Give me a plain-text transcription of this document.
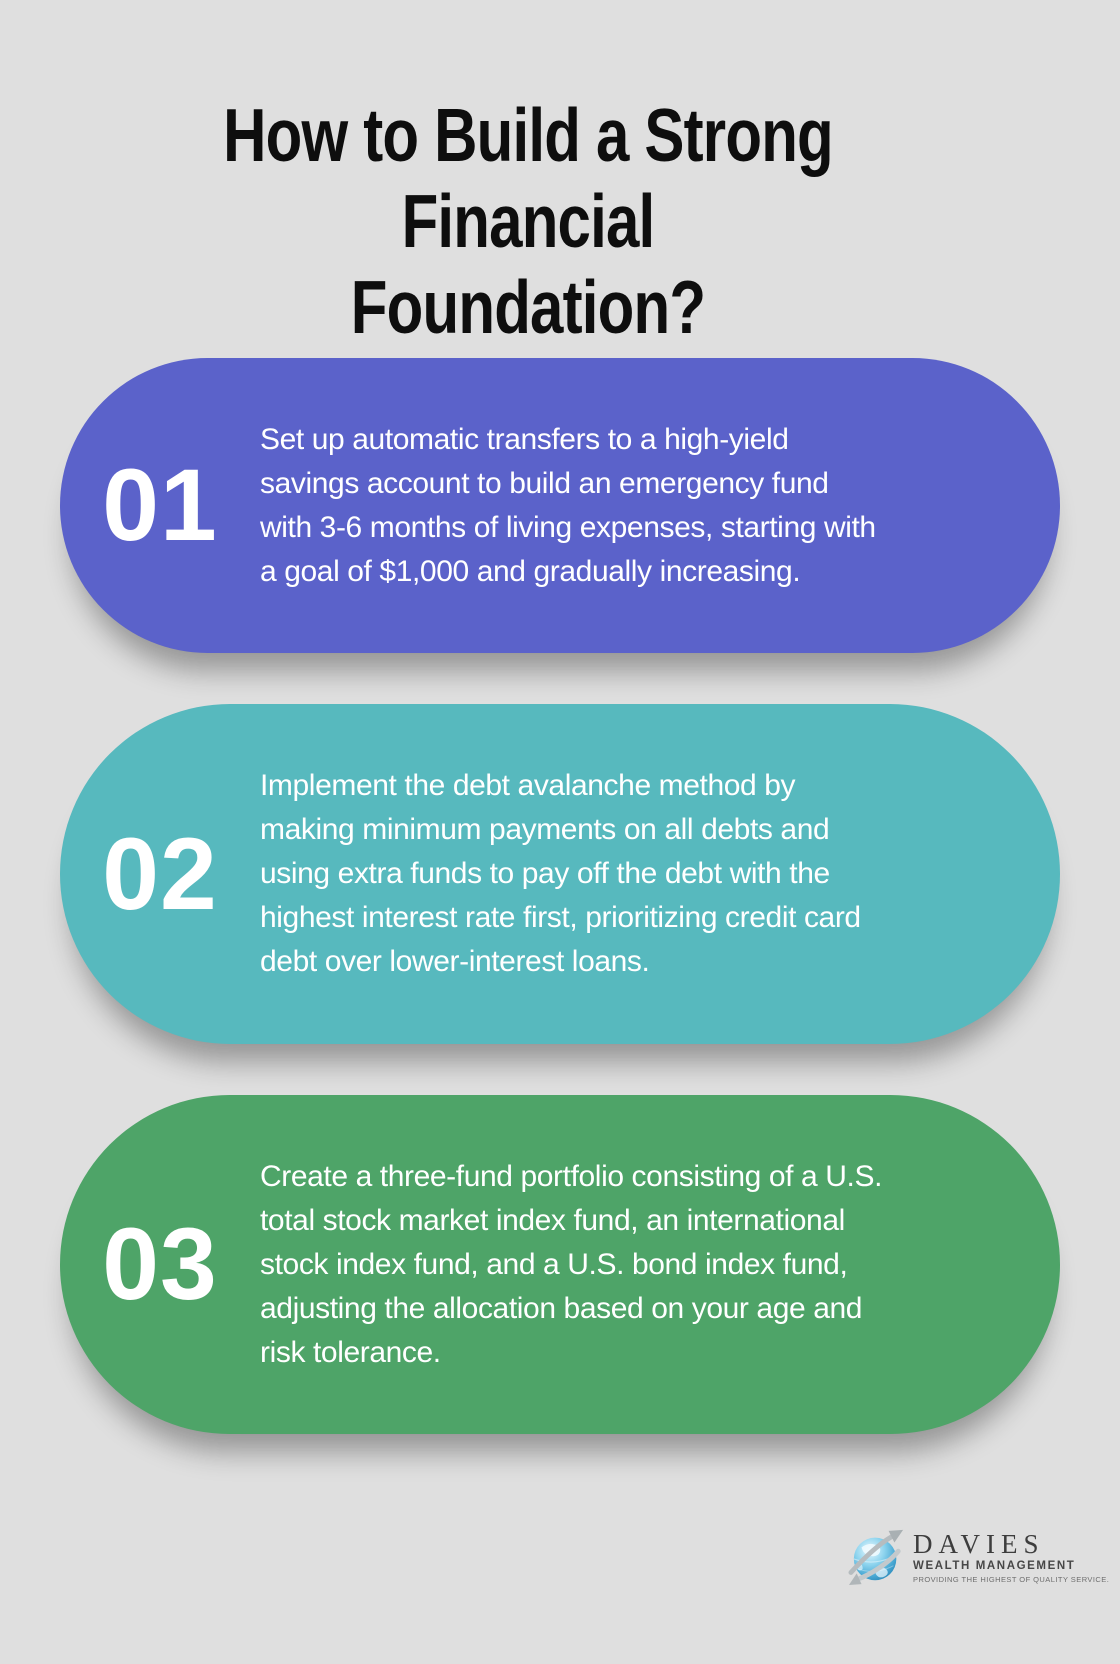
How to Build a Strong Financial
Foundation?
01
Set up automatic transfers to a high-yield
savings account to build an emergency fund
with 3-6 months of living expenses, starting with
a goal of $1,000 and gradually increasing.
02
Implement the debt avalanche method by
making minimum payments on all debts and
using extra funds to pay off the debt with the
highest interest rate first, prioritizing credit card
debt over lower-interest loans.
03
Create a three-fund portfolio consisting of a U.S.
total stock market index fund, an international
stock index fund, and a U.S. bond index fund,
adjusting the allocation based on your age and
risk tolerance.
DAVIES
WEALTH MANAGEMENT
PROVIDING THE HIGHEST OF QUALITY SERVICE.
